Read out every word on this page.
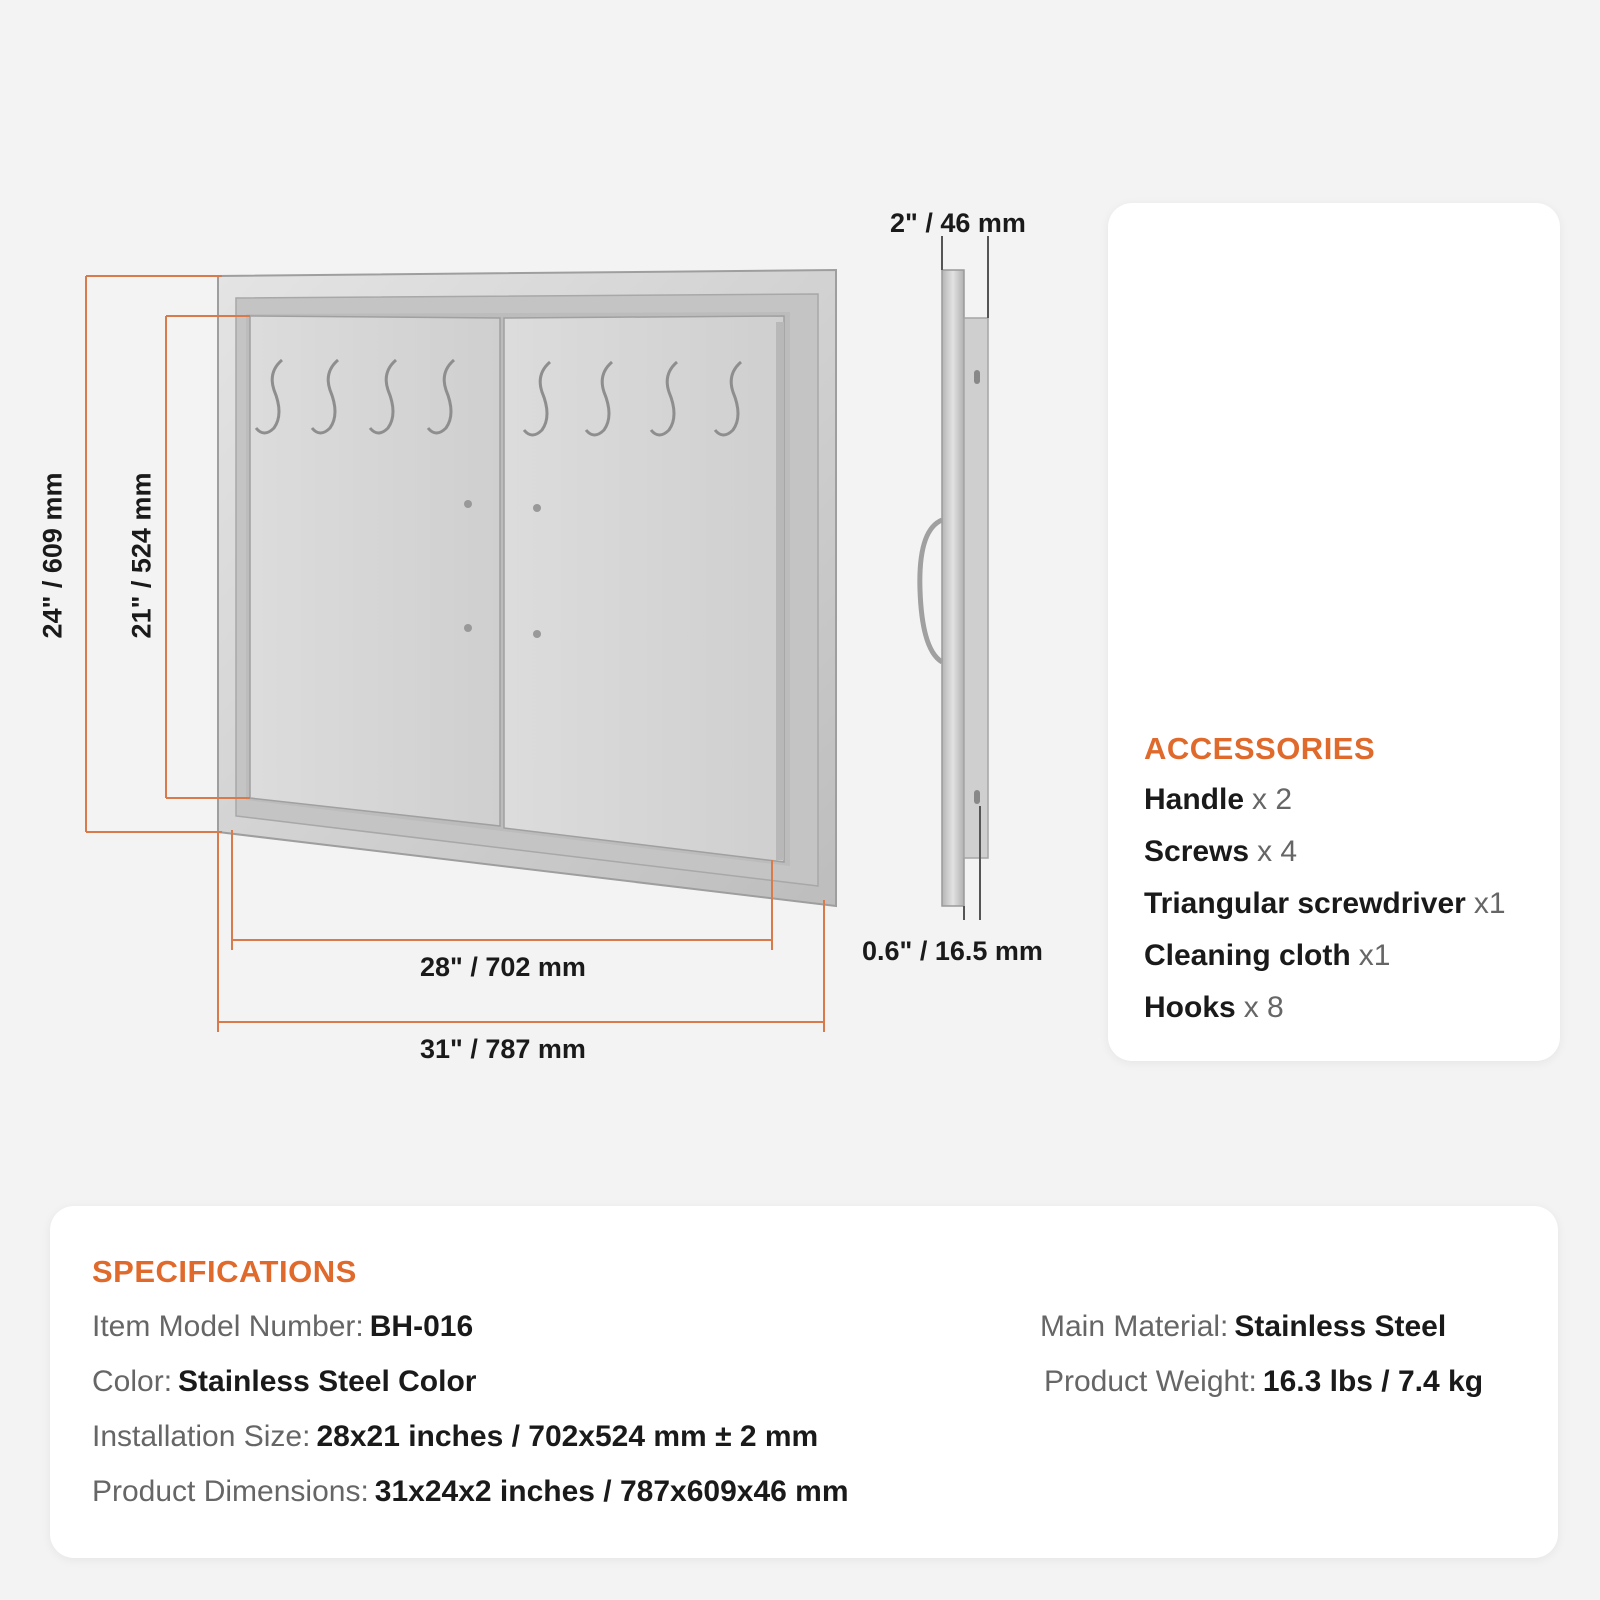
24" / 609 mm 21" / 524 mm
28" / 702 mm
31" / 787 mm
2" / 46 mm
0.6" / 16.5 mm
ACCESSORIES
Handle x 2
Screws x 4
Triangular screwdriver x1
Cleaning cloth x1
Hooks x 8
SPECIFICATIONS
Item Model Number: BH-016
Color: Stainless Steel Color
Installation Size: 28x21 inches / 702x524 mm ± 2 mm
Product Dimensions: 31x24x2 inches / 787x609x46 mm
Main Material: Stainless Steel
Product Weight: 16.3 lbs / 7.4 kg
